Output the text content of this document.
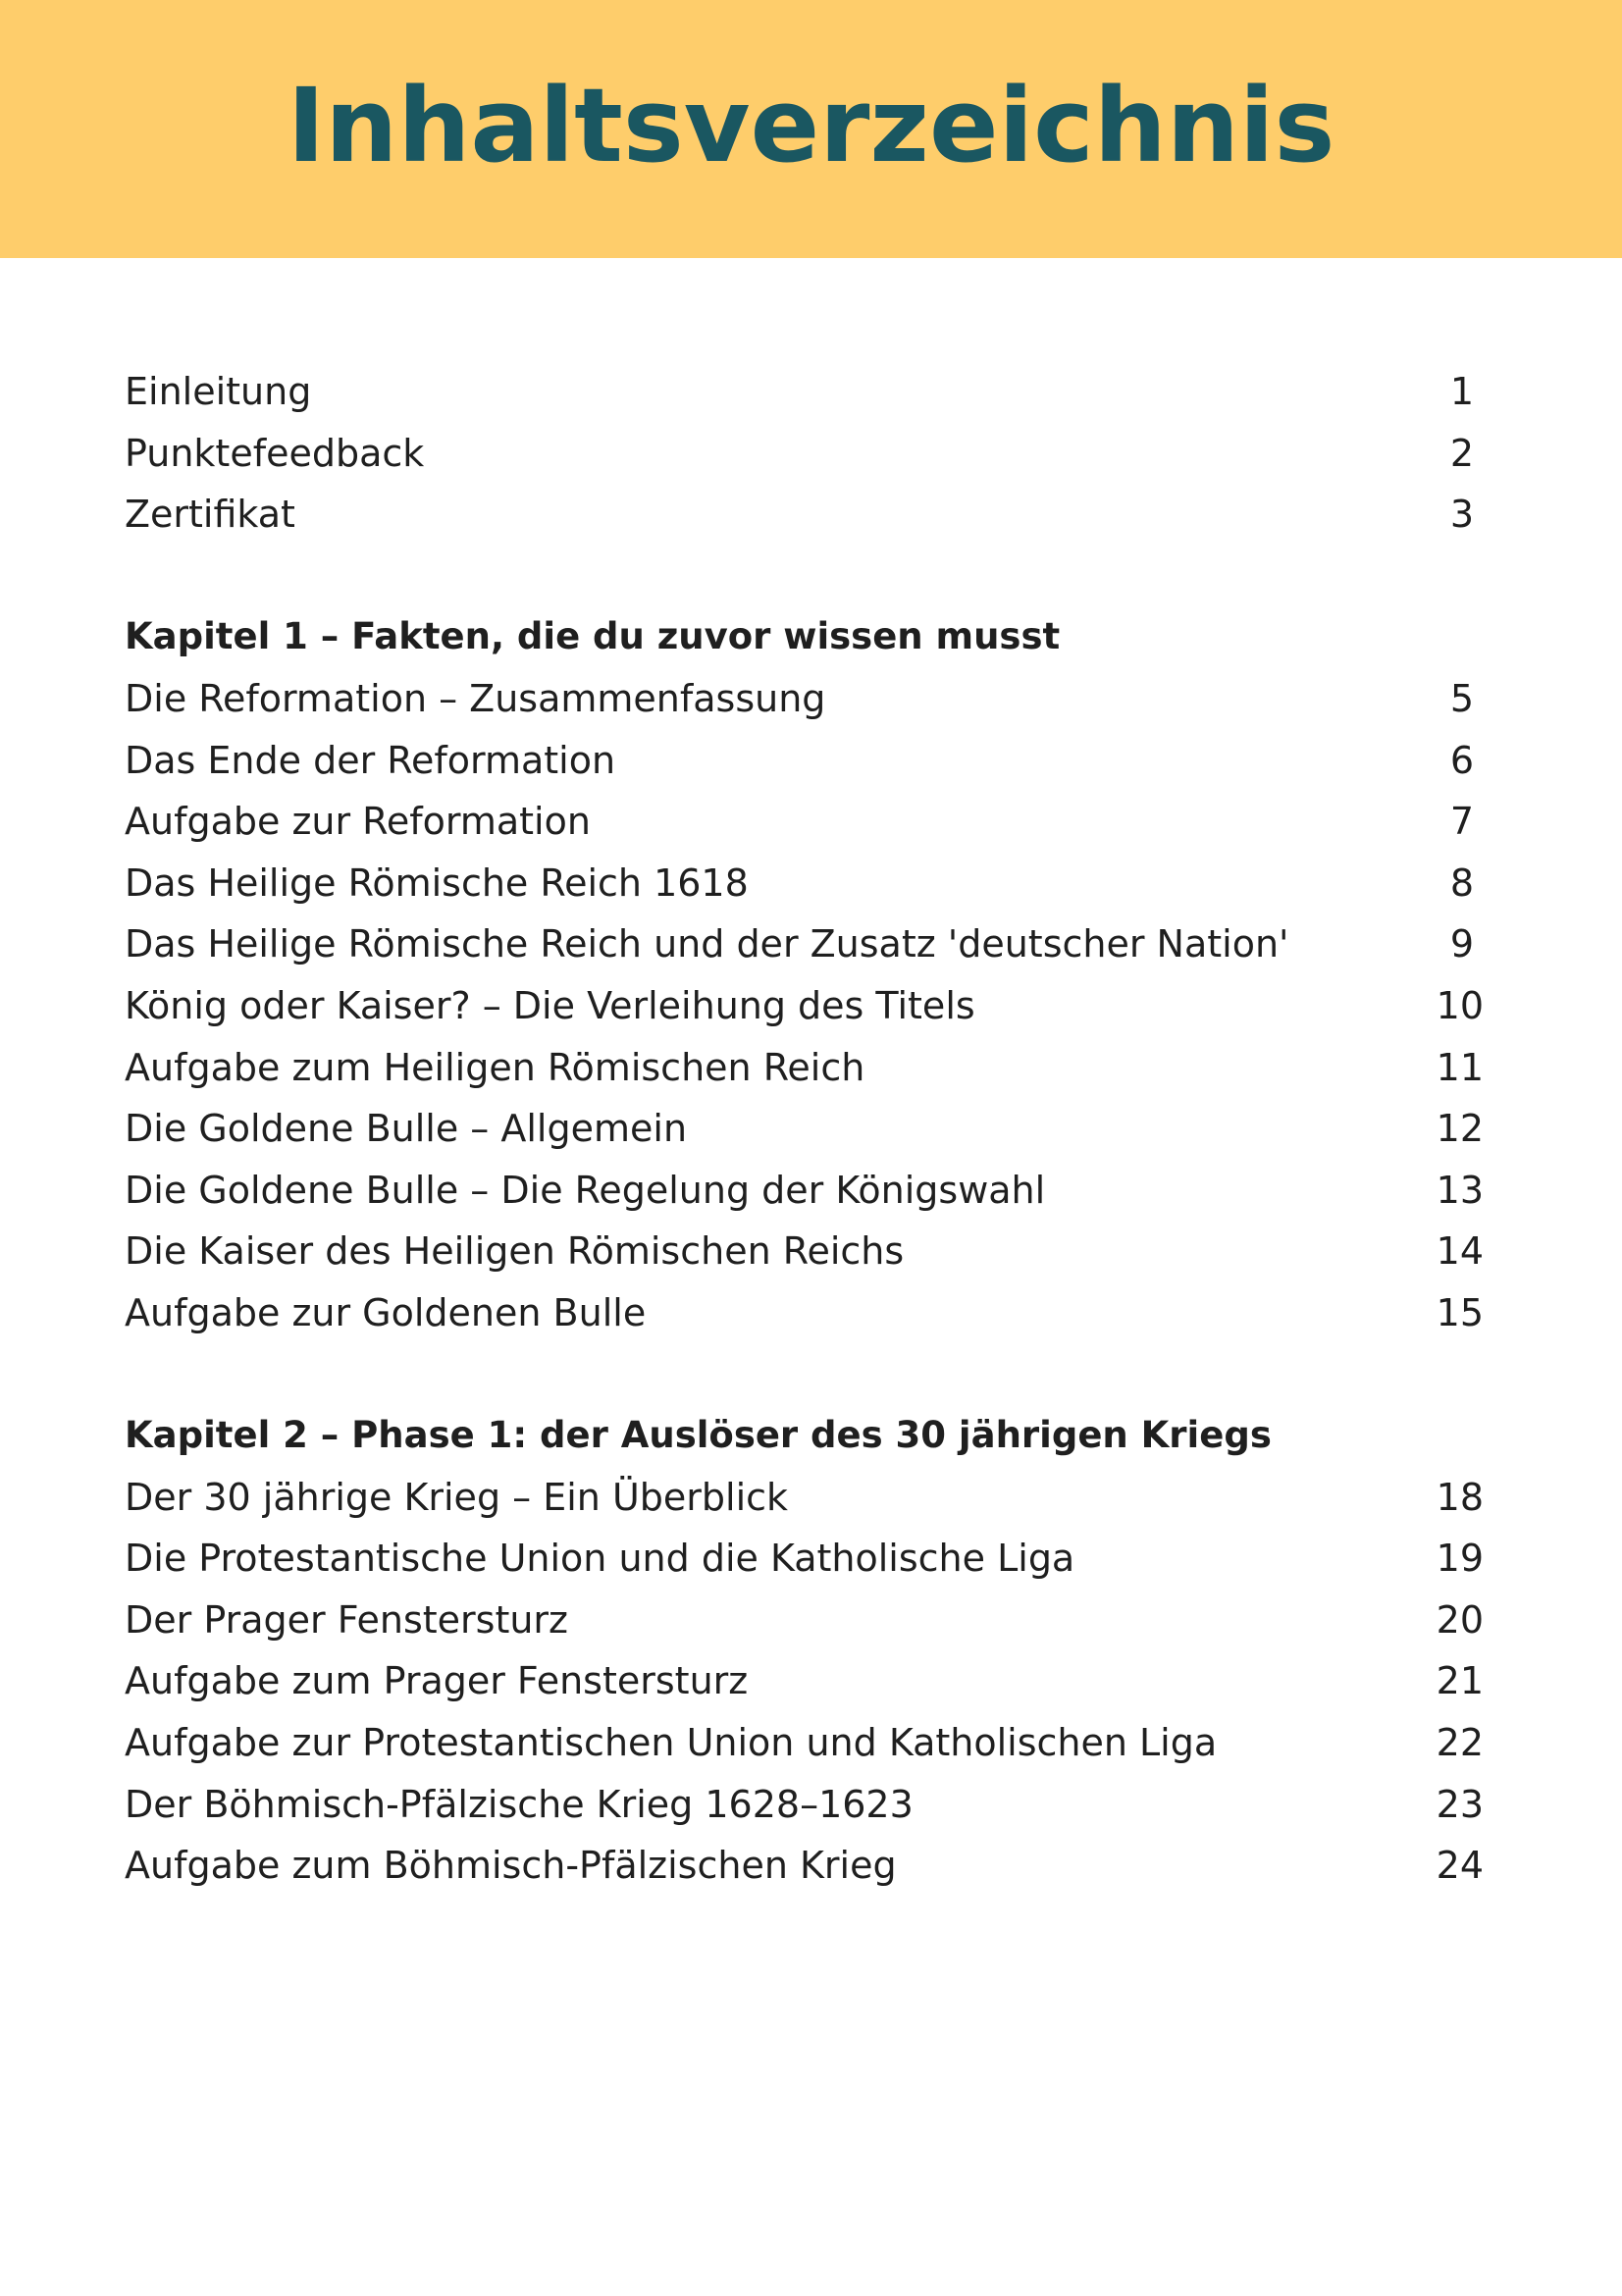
Inhaltsverzeichnis
Einleitung	1
Punktefeedback	2
Zertifikat	3
Kapitel 1 – Fakten, die du zuvor wissen musst
Die Reformation – Zusammenfassung	5
Das Ende der Reformation	6
Aufgabe zur Reformation	7
Das Heilige Römische Reich 1618	8
Das Heilige Römische Reich und der Zusatz 'deutscher Nation'	9
König oder Kaiser? – Die Verleihung des Titels	10
Aufgabe zum Heiligen Römischen Reich	11
Die Goldene Bulle – Allgemein	12
Die Goldene Bulle – Die Regelung der Königswahl	13
Die Kaiser des Heiligen Römischen Reichs	14
Aufgabe zur Goldenen Bulle	15
Kapitel 2 – Phase 1: der Auslöser des 30 jährigen Kriegs
Der 30 jährige Krieg – Ein Überblick	18
Die Protestantische Union und die Katholische Liga	19
Der Prager Fenstersturz	20
Aufgabe zum Prager Fenstersturz	21
Aufgabe zur Protestantischen Union und Katholischen Liga	22
Der Böhmisch-Pfälzische Krieg 1628–1623	23
Aufgabe zum Böhmisch-Pfälzischen Krieg	24
